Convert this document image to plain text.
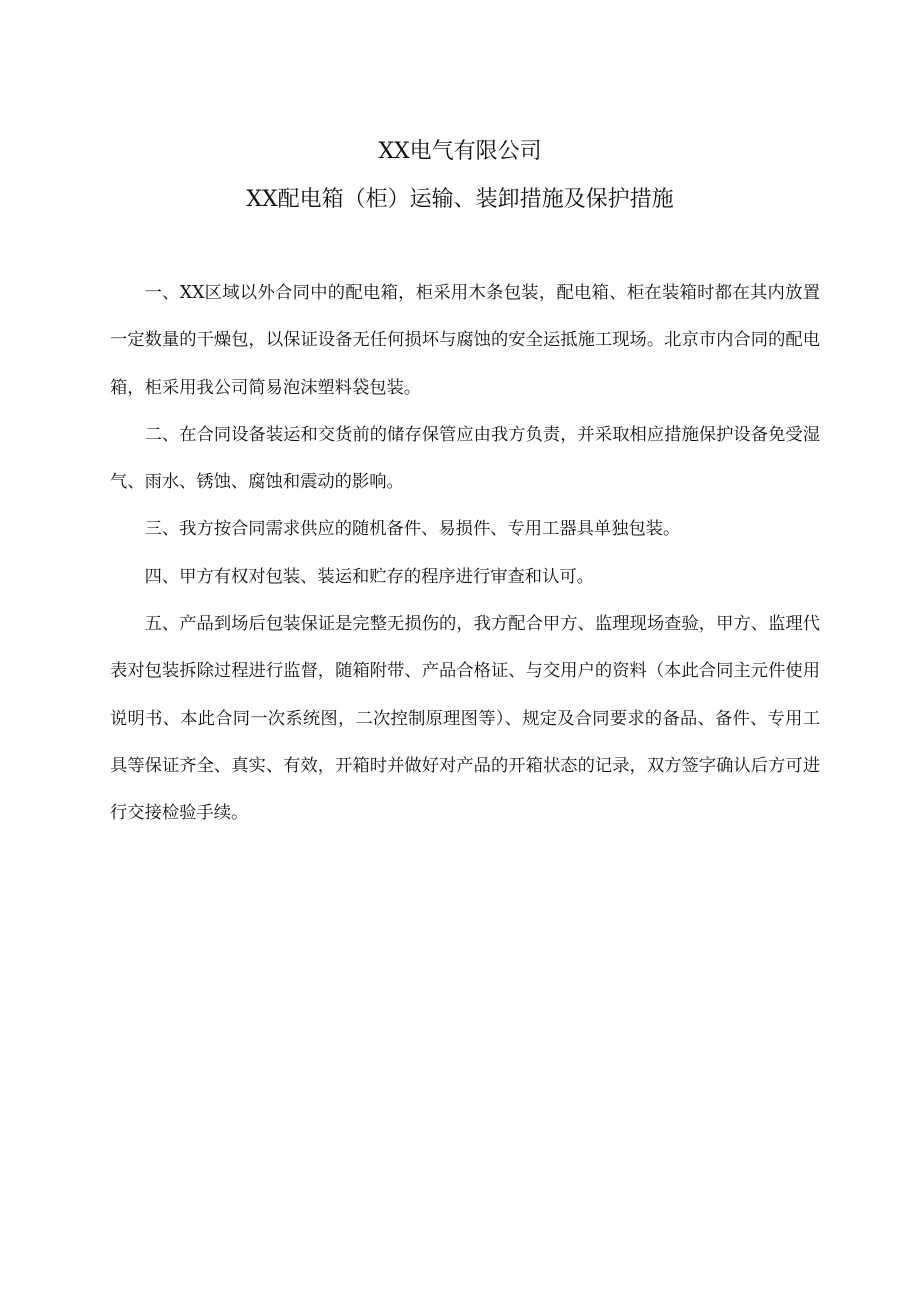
XX电气有限公司
XX配电箱（柜）运输、装卸措施及保护措施

一、XX区域以外合同中的配电箱，柜采用木条包装，配电箱、柜在装箱时都在其内放置一定数量的干燥包，以保证设备无任何损坏与腐蚀的安全运抵施工现场。北京市内合同的配电箱，柜采用我公司简易泡沫塑料袋包装。

二、在合同设备装运和交货前的储存保管应由我方负责，并采取相应措施保护设备免受湿气、雨水、锈蚀、腐蚀和震动的影响。

三、我方按合同需求供应的随机备件、易损件、专用工器具单独包装。

四、甲方有权对包装、装运和贮存的程序进行审查和认可。

五、产品到场后包装保证是完整无损伤的，我方配合甲方、监理现场查验，甲方、监理代表对包装拆除过程进行监督，随箱附带、产品合格证、与交用户的资料（本此合同主元件使用说明书、本此合同一次系统图，二次控制原理图等）、规定及合同要求的备品、备件、专用工具等保证齐全、真实、有效，开箱时并做好对产品的开箱状态的记录，双方签字确认后方可进行交接检验手续。
